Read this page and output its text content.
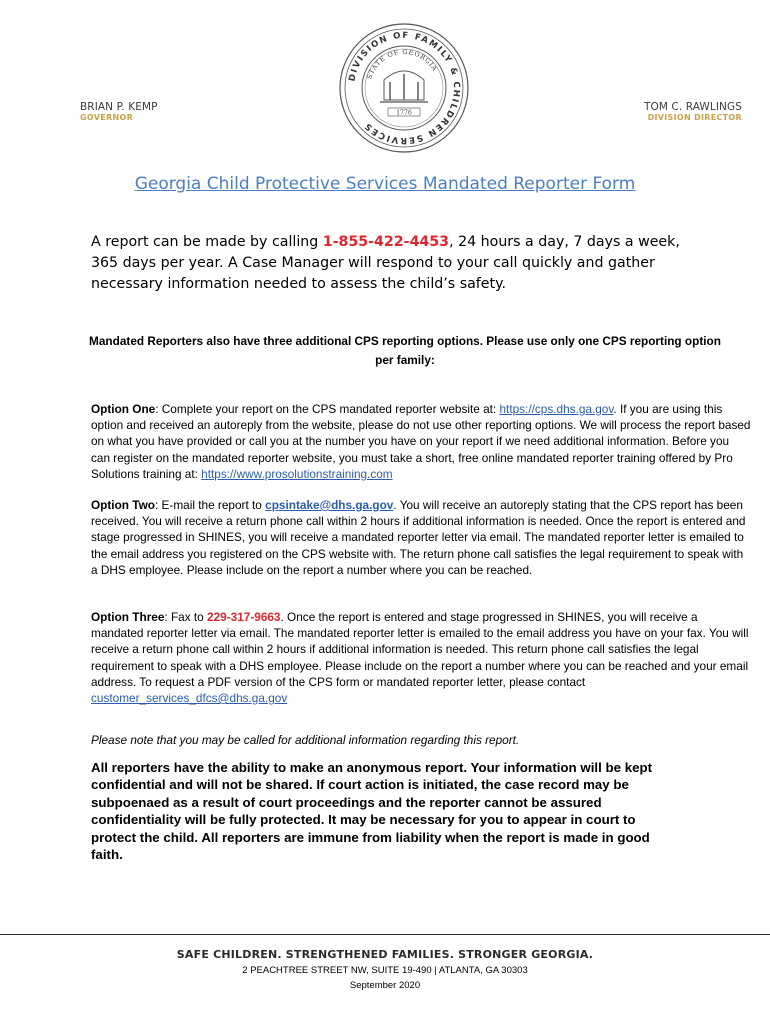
BRIAN P. KEMP
GOVERNOR
TOM C. RAWLINGS
DIVISION DIRECTOR
DIVISION OF FAMILY & CHILDREN SERVICES
STATE OF GEORGIA
1776
Georgia Child Protective Services Mandated Reporter Form
A report can be made by calling 1-855-422-4453, 24 hours a day, 7 days a week, 365 days per year. A Case Manager will respond to your call quickly and gather necessary information needed to assess the child’s safety.
Mandated Reporters also have three additional CPS reporting options. Please use only one CPS reporting option per family:
Option One: Complete your report on the CPS mandated reporter website at: https://cps.dhs.ga.gov. If you are using this option and received an autoreply from the website, please do not use other reporting options. We will process the report based on what you have provided or call you at the number you have on your report if we need additional information. Before you can register on the mandated reporter website, you must take a short, free online mandated reporter training offered by Pro Solutions training at: https://www.prosolutionstraining.com
Option Two: E-mail the report to cpsintake@dhs.ga.gov. You will receive an autoreply stating that the CPS report has been received. You will receive a return phone call within 2 hours if additional information is needed. Once the report is entered and stage progressed in SHINES, you will receive a mandated reporter letter via email. The mandated reporter letter is emailed to the email address you registered on the CPS website with. The return phone call satisfies the legal requirement to speak with a DHS employee. Please include on the report a number where you can be reached.
Option Three: Fax to 229-317-9663. Once the report is entered and stage progressed in SHINES, you will receive a mandated reporter letter via email. The mandated reporter letter is emailed to the email address you have on your fax. You will receive a return phone call within 2 hours if additional information is needed. This return phone call satisfies the legal requirement to speak with a DHS employee. Please include on the report a number where you can be reached and your email address. To request a PDF version of the CPS form or mandated reporter letter, please contact customer_services_dfcs@dhs.ga.gov
Please note that you may be called for additional information regarding this report.
All reporters have the ability to make an anonymous report. Your information will be kept confidential and will not be shared. If court action is initiated, the case record may be subpoenaed as a result of court proceedings and the reporter cannot be assured confidentiality will be fully protected. It may be necessary for you to appear in court to protect the child. All reporters are immune from liability when the report is made in good faith.
SAFE CHILDREN. STRENGTHENED FAMILIES. STRONGER GEORGIA.
2 PEACHTREE STREET NW, SUITE 19-490 | ATLANTA, GA 30303
September 2020
